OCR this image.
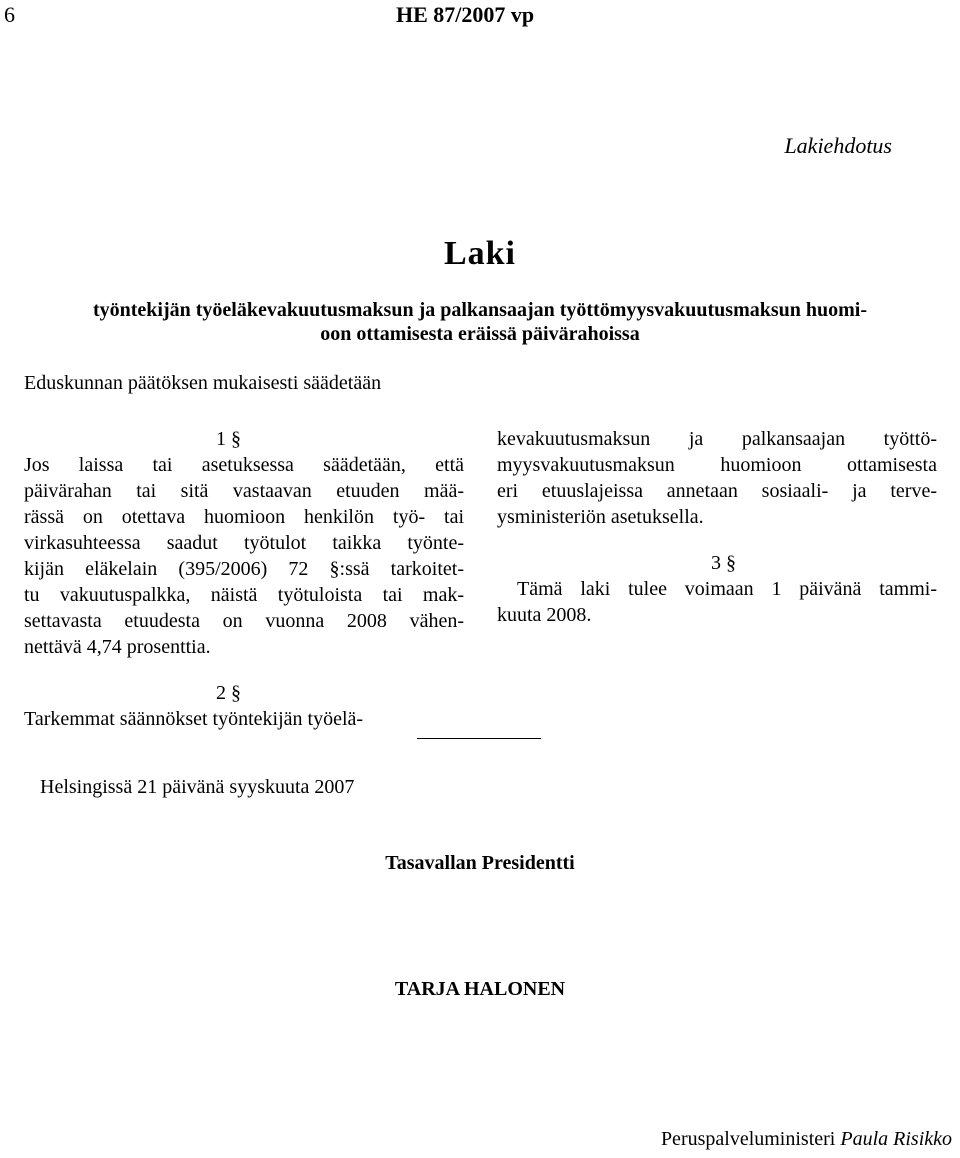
6	HE 87/2007 vp
Lakiehdotus
Laki
työntekijän työeläkevakuutusmaksun ja palkansaajan työttömyysvakuutusmaksun huomi-
oon ottamisesta eräissä päivärahoissa
Eduskunnan päätöksen mukaisesti säädetään
1 §
Jos laissa tai asetuksessa säädetään, että
päivärahan tai sitä vastaavan etuuden mää-
rässä on otettava huomioon henkilön työ- tai
virkasuhteessa saadut työtulot taikka työnte-
kijän eläkelain (395/2006) 72 §:ssä tarkoitet-
tu vakuutuspalkka, näistä työtuloista tai mak-
settavasta etuudesta on vuonna 2008 vähen-
nettävä 4,74 prosenttia.
2 §
Tarkemmat säännökset työntekijän työelä-
kevakuutusmaksun ja palkansaajan työttö-
myysvakuutusmaksun huomioon ottamisesta
eri etuuslajeissa annetaan sosiaali- ja terve-
ysministeriön asetuksella.
3 §
Tämä laki tulee voimaan 1 päivänä tammi-
kuuta 2008.
Helsingissä 21 päivänä syyskuuta 2007
Tasavallan Presidentti
TARJA HALONEN
Peruspalveluministeri Paula Risikko
